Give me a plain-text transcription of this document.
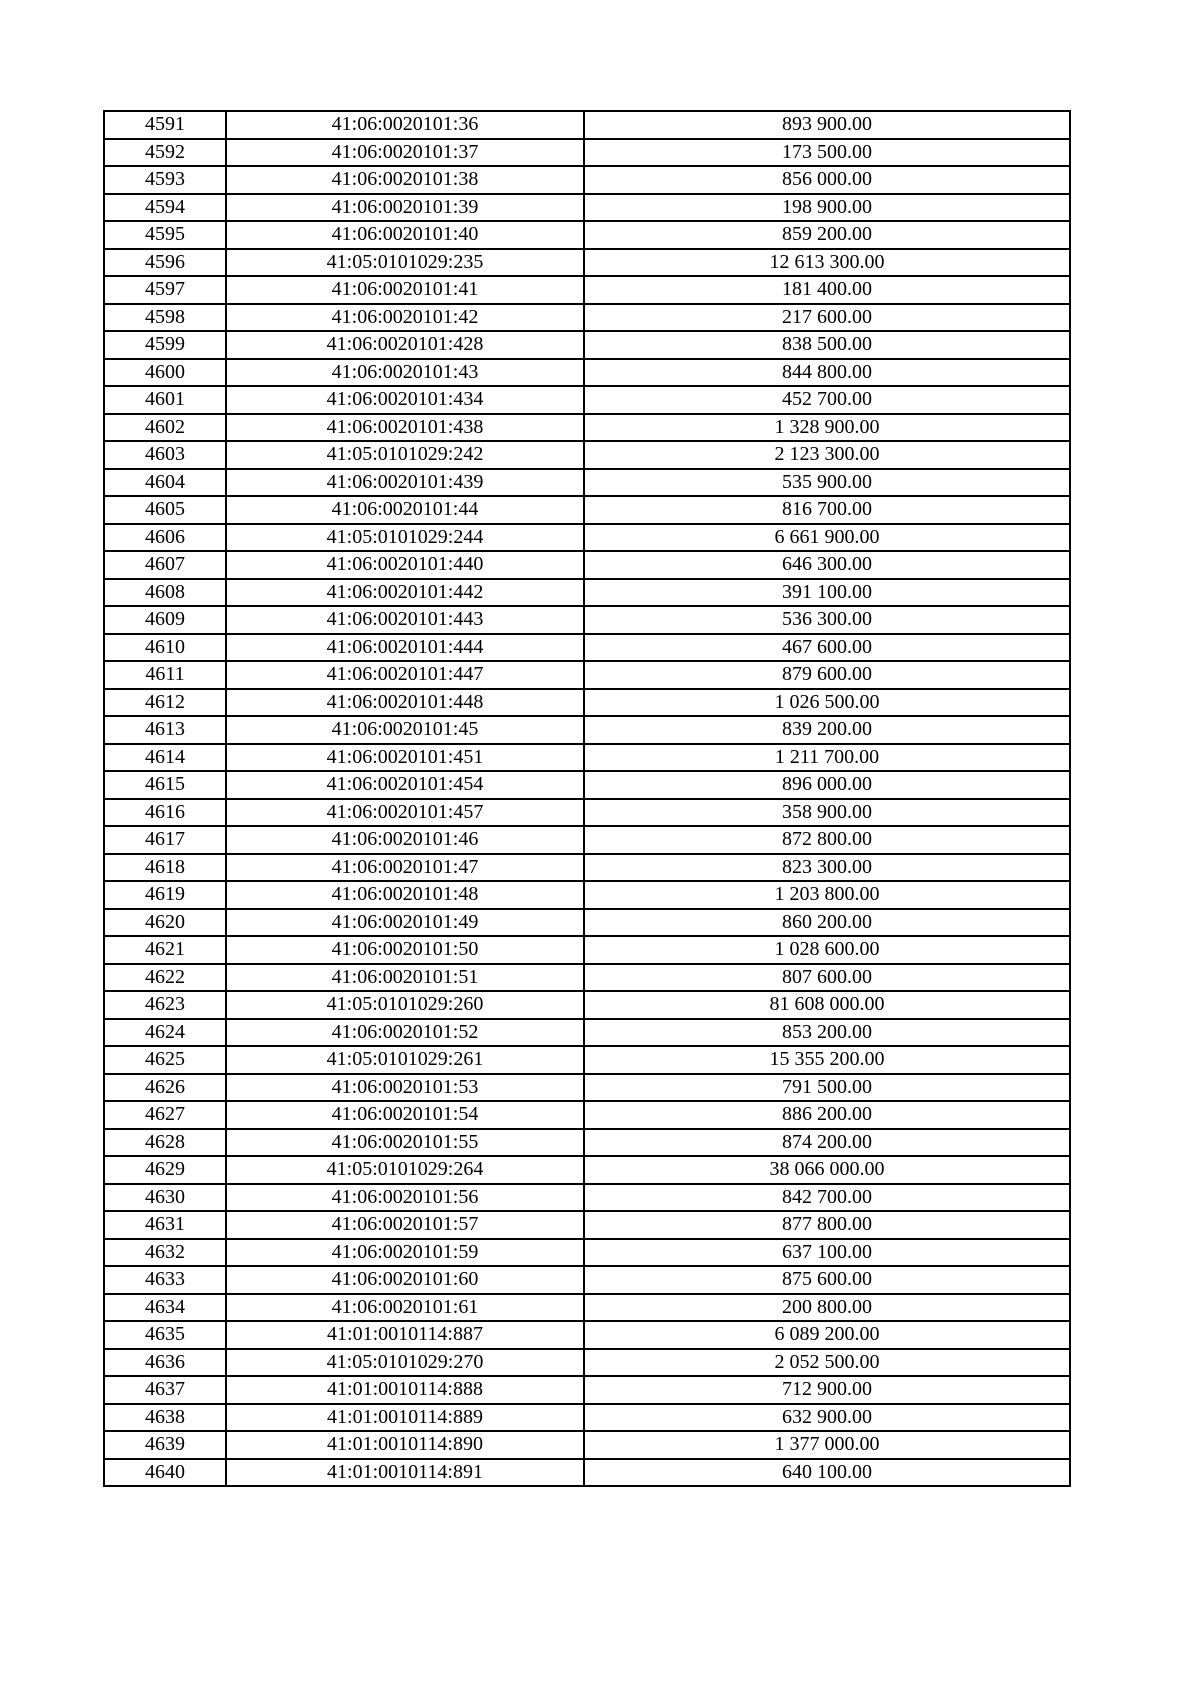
4591	41:06:0020101:36	893 900.00
4592	41:06:0020101:37	173 500.00
4593	41:06:0020101:38	856 000.00
4594	41:06:0020101:39	198 900.00
4595	41:06:0020101:40	859 200.00
4596	41:05:0101029:235	12 613 300.00
4597	41:06:0020101:41	181 400.00
4598	41:06:0020101:42	217 600.00
4599	41:06:0020101:428	838 500.00
4600	41:06:0020101:43	844 800.00
4601	41:06:0020101:434	452 700.00
4602	41:06:0020101:438	1 328 900.00
4603	41:05:0101029:242	2 123 300.00
4604	41:06:0020101:439	535 900.00
4605	41:06:0020101:44	816 700.00
4606	41:05:0101029:244	6 661 900.00
4607	41:06:0020101:440	646 300.00
4608	41:06:0020101:442	391 100.00
4609	41:06:0020101:443	536 300.00
4610	41:06:0020101:444	467 600.00
4611	41:06:0020101:447	879 600.00
4612	41:06:0020101:448	1 026 500.00
4613	41:06:0020101:45	839 200.00
4614	41:06:0020101:451	1 211 700.00
4615	41:06:0020101:454	896 000.00
4616	41:06:0020101:457	358 900.00
4617	41:06:0020101:46	872 800.00
4618	41:06:0020101:47	823 300.00
4619	41:06:0020101:48	1 203 800.00
4620	41:06:0020101:49	860 200.00
4621	41:06:0020101:50	1 028 600.00
4622	41:06:0020101:51	807 600.00
4623	41:05:0101029:260	81 608 000.00
4624	41:06:0020101:52	853 200.00
4625	41:05:0101029:261	15 355 200.00
4626	41:06:0020101:53	791 500.00
4627	41:06:0020101:54	886 200.00
4628	41:06:0020101:55	874 200.00
4629	41:05:0101029:264	38 066 000.00
4630	41:06:0020101:56	842 700.00
4631	41:06:0020101:57	877 800.00
4632	41:06:0020101:59	637 100.00
4633	41:06:0020101:60	875 600.00
4634	41:06:0020101:61	200 800.00
4635	41:01:0010114:887	6 089 200.00
4636	41:05:0101029:270	2 052 500.00
4637	41:01:0010114:888	712 900.00
4638	41:01:0010114:889	632 900.00
4639	41:01:0010114:890	1 377 000.00
4640	41:01:0010114:891	640 100.00
